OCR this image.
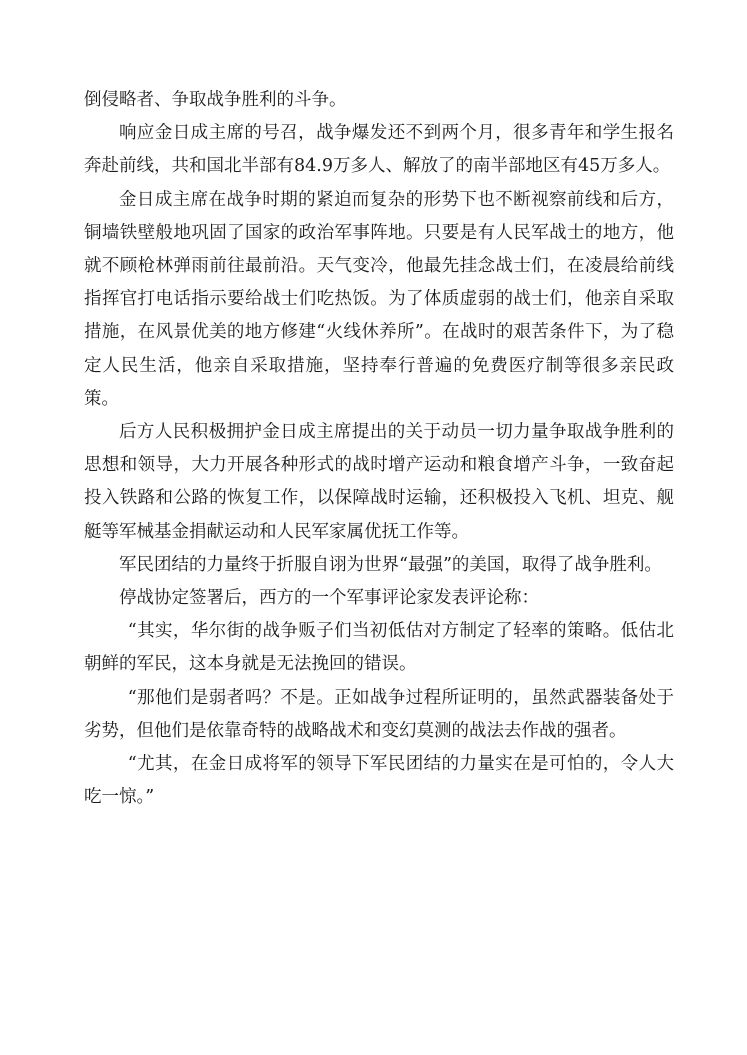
倒侵略者、争取战争胜利的斗争。

响应金日成主席的号召，战争爆发还不到两个月，很多青年和学生报名奔赴前线，共和国北半部有84.9万多人、解放了的南半部地区有45万多人。

金日成主席在战争时期的紧迫而复杂的形势下也不断视察前线和后方，铜墙铁壁般地巩固了国家的政治军事阵地。只要是有人民军战士的地方，他就不顾枪林弹雨前往最前沿。天气变冷，他最先挂念战士们，在凌晨给前线指挥官打电话指示要给战士们吃热饭。为了体质虚弱的战士们，他亲自采取措施，在风景优美的地方修建“火线休养所”。在战时的艰苦条件下，为了稳定人民生活，他亲自采取措施，坚持奉行普遍的免费医疗制等很多亲民政策。

后方人民积极拥护金日成主席提出的关于动员一切力量争取战争胜利的思想和领导，大力开展各种形式的战时增产运动和粮食增产斗争，一致奋起投入铁路和公路的恢复工作，以保障战时运输，还积极投入飞机、坦克、舰艇等军械基金捐献运动和人民军家属优抚工作等。

军民团结的力量终于折服自诩为世界“最强”的美国，取得了战争胜利。

停战协定签署后，西方的一个军事评论家发表评论称：

“其实，华尔街的战争贩子们当初低估对方制定了轻率的策略。低估北朝鲜的军民，这本身就是无法挽回的错误。

“那他们是弱者吗？不是。正如战争过程所证明的，虽然武器装备处于劣势，但他们是依靠奇特的战略战术和变幻莫测的战法去作战的强者。

“尤其，在金日成将军的领导下军民团结的力量实在是可怕的，令人大吃一惊。”
